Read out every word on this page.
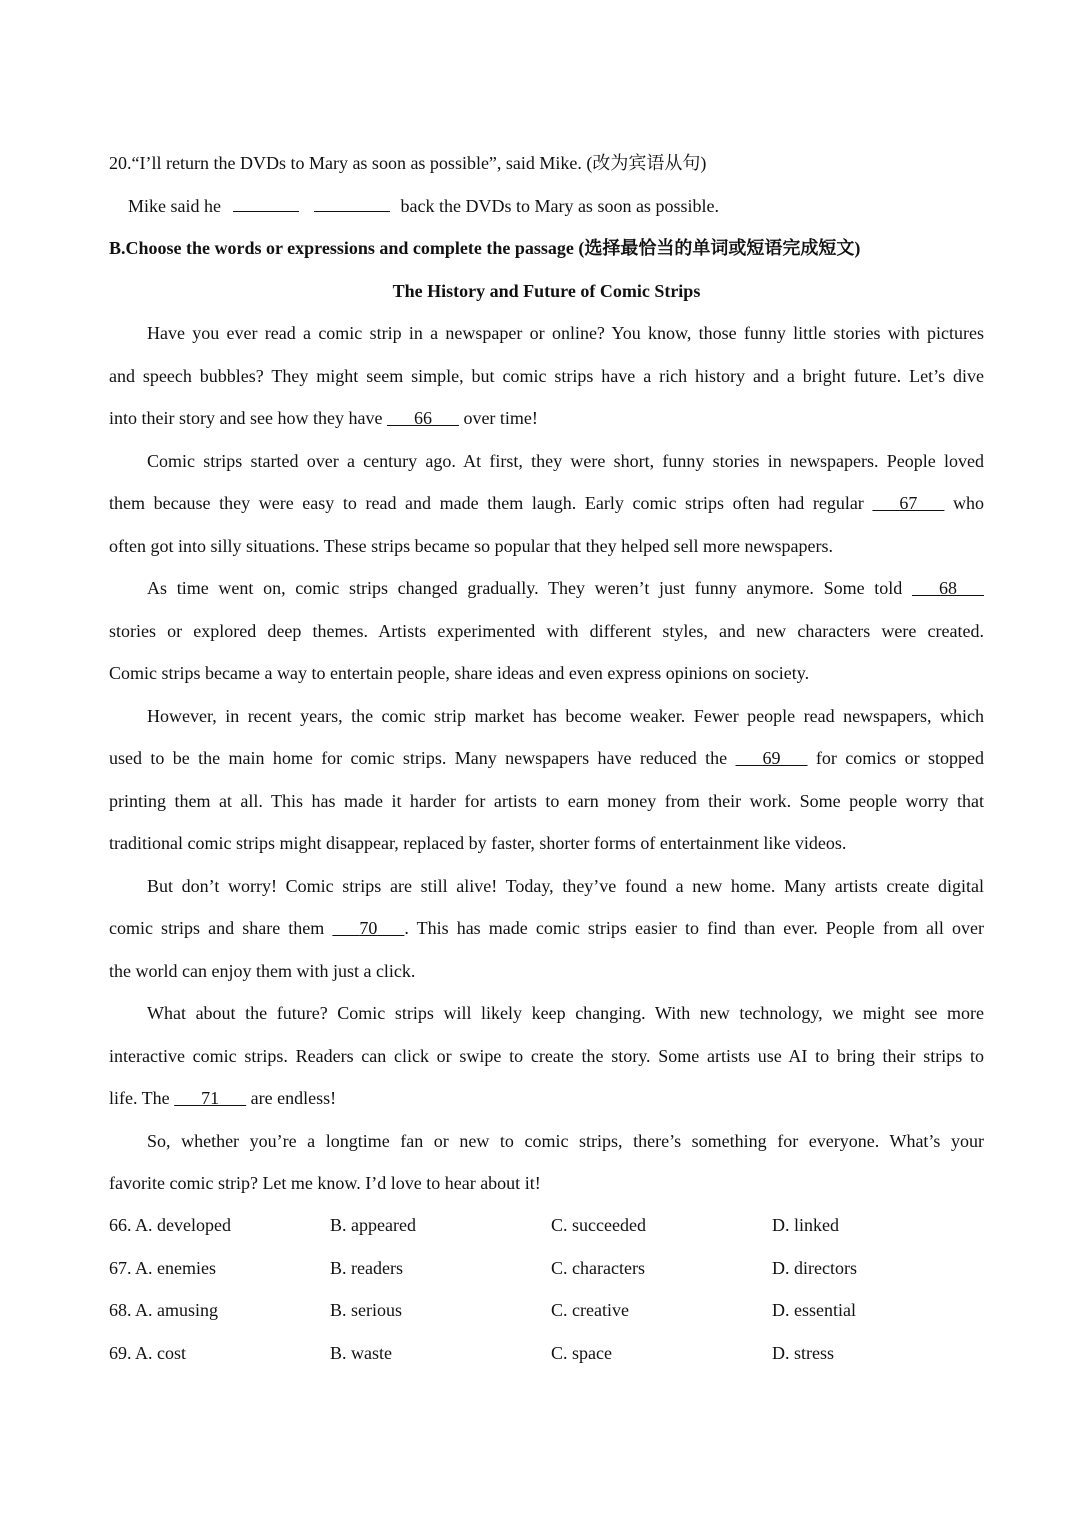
20.“I’ll return the DVDs to Mary as soon as possible”, said Mike. (改为宾语从句)
Mike said he	back the DVDs to Mary as soon as possible.
B.Choose the words or expressions and complete the passage (选择最恰当的单词或短语完成短文)
The History and Future of Comic Strips
Have you ever read a comic strip in a newspaper or online? You know, those funny little stories with pictures
and speech bubbles? They might seem simple, but comic strips have a rich history and a bright future. Let’s dive
into their story and see how they have     66    over time!
Comic strips started over a century ago. At first, they were short, funny stories in newspapers. People loved
them because they were easy to read and made them laugh. Early comic strips often had regular     67    who
often got into silly situations. These strips became so popular that they helped sell more newspapers.
As time went on, comic strips changed gradually. They weren’t just funny anymore. Some told     68   
stories or explored deep themes. Artists experimented with different styles, and new characters were created.
Comic strips became a way to entertain people, share ideas and even express opinions on society.
However, in recent years, the comic strip market has become weaker. Fewer people read newspapers, which
used to be the main home for comic strips. Many newspapers have reduced the     69    for comics or stopped
printing them at all. This has made it harder for artists to earn money from their work. Some people worry that
traditional comic strips might disappear, replaced by faster, shorter forms of entertainment like videos.
But don’t worry! Comic strips are still alive! Today, they’ve found a new home. Many artists create digital
comic strips and share them     70    . This has made comic strips easier to find than ever. People from all over
the world can enjoy them with just a click.
What about the future? Comic strips will likely keep changing. With new technology, we might see more
interactive comic strips. Readers can click or swipe to create the story. Some artists use AI to bring their strips to
life. The     71    are endless!
So, whether you’re a longtime fan or new to comic strips, there’s something for everyone. What’s your
favorite comic strip? Let me know. I’d love to hear about it!
66. A. developed	B. appeared	C. succeeded	D. linked
67. A. enemies	B. readers	C. characters	D. directors
68. A. amusing	B. serious	C. creative	D. essential
69. A. cost	B. waste	C. space	D. stress
